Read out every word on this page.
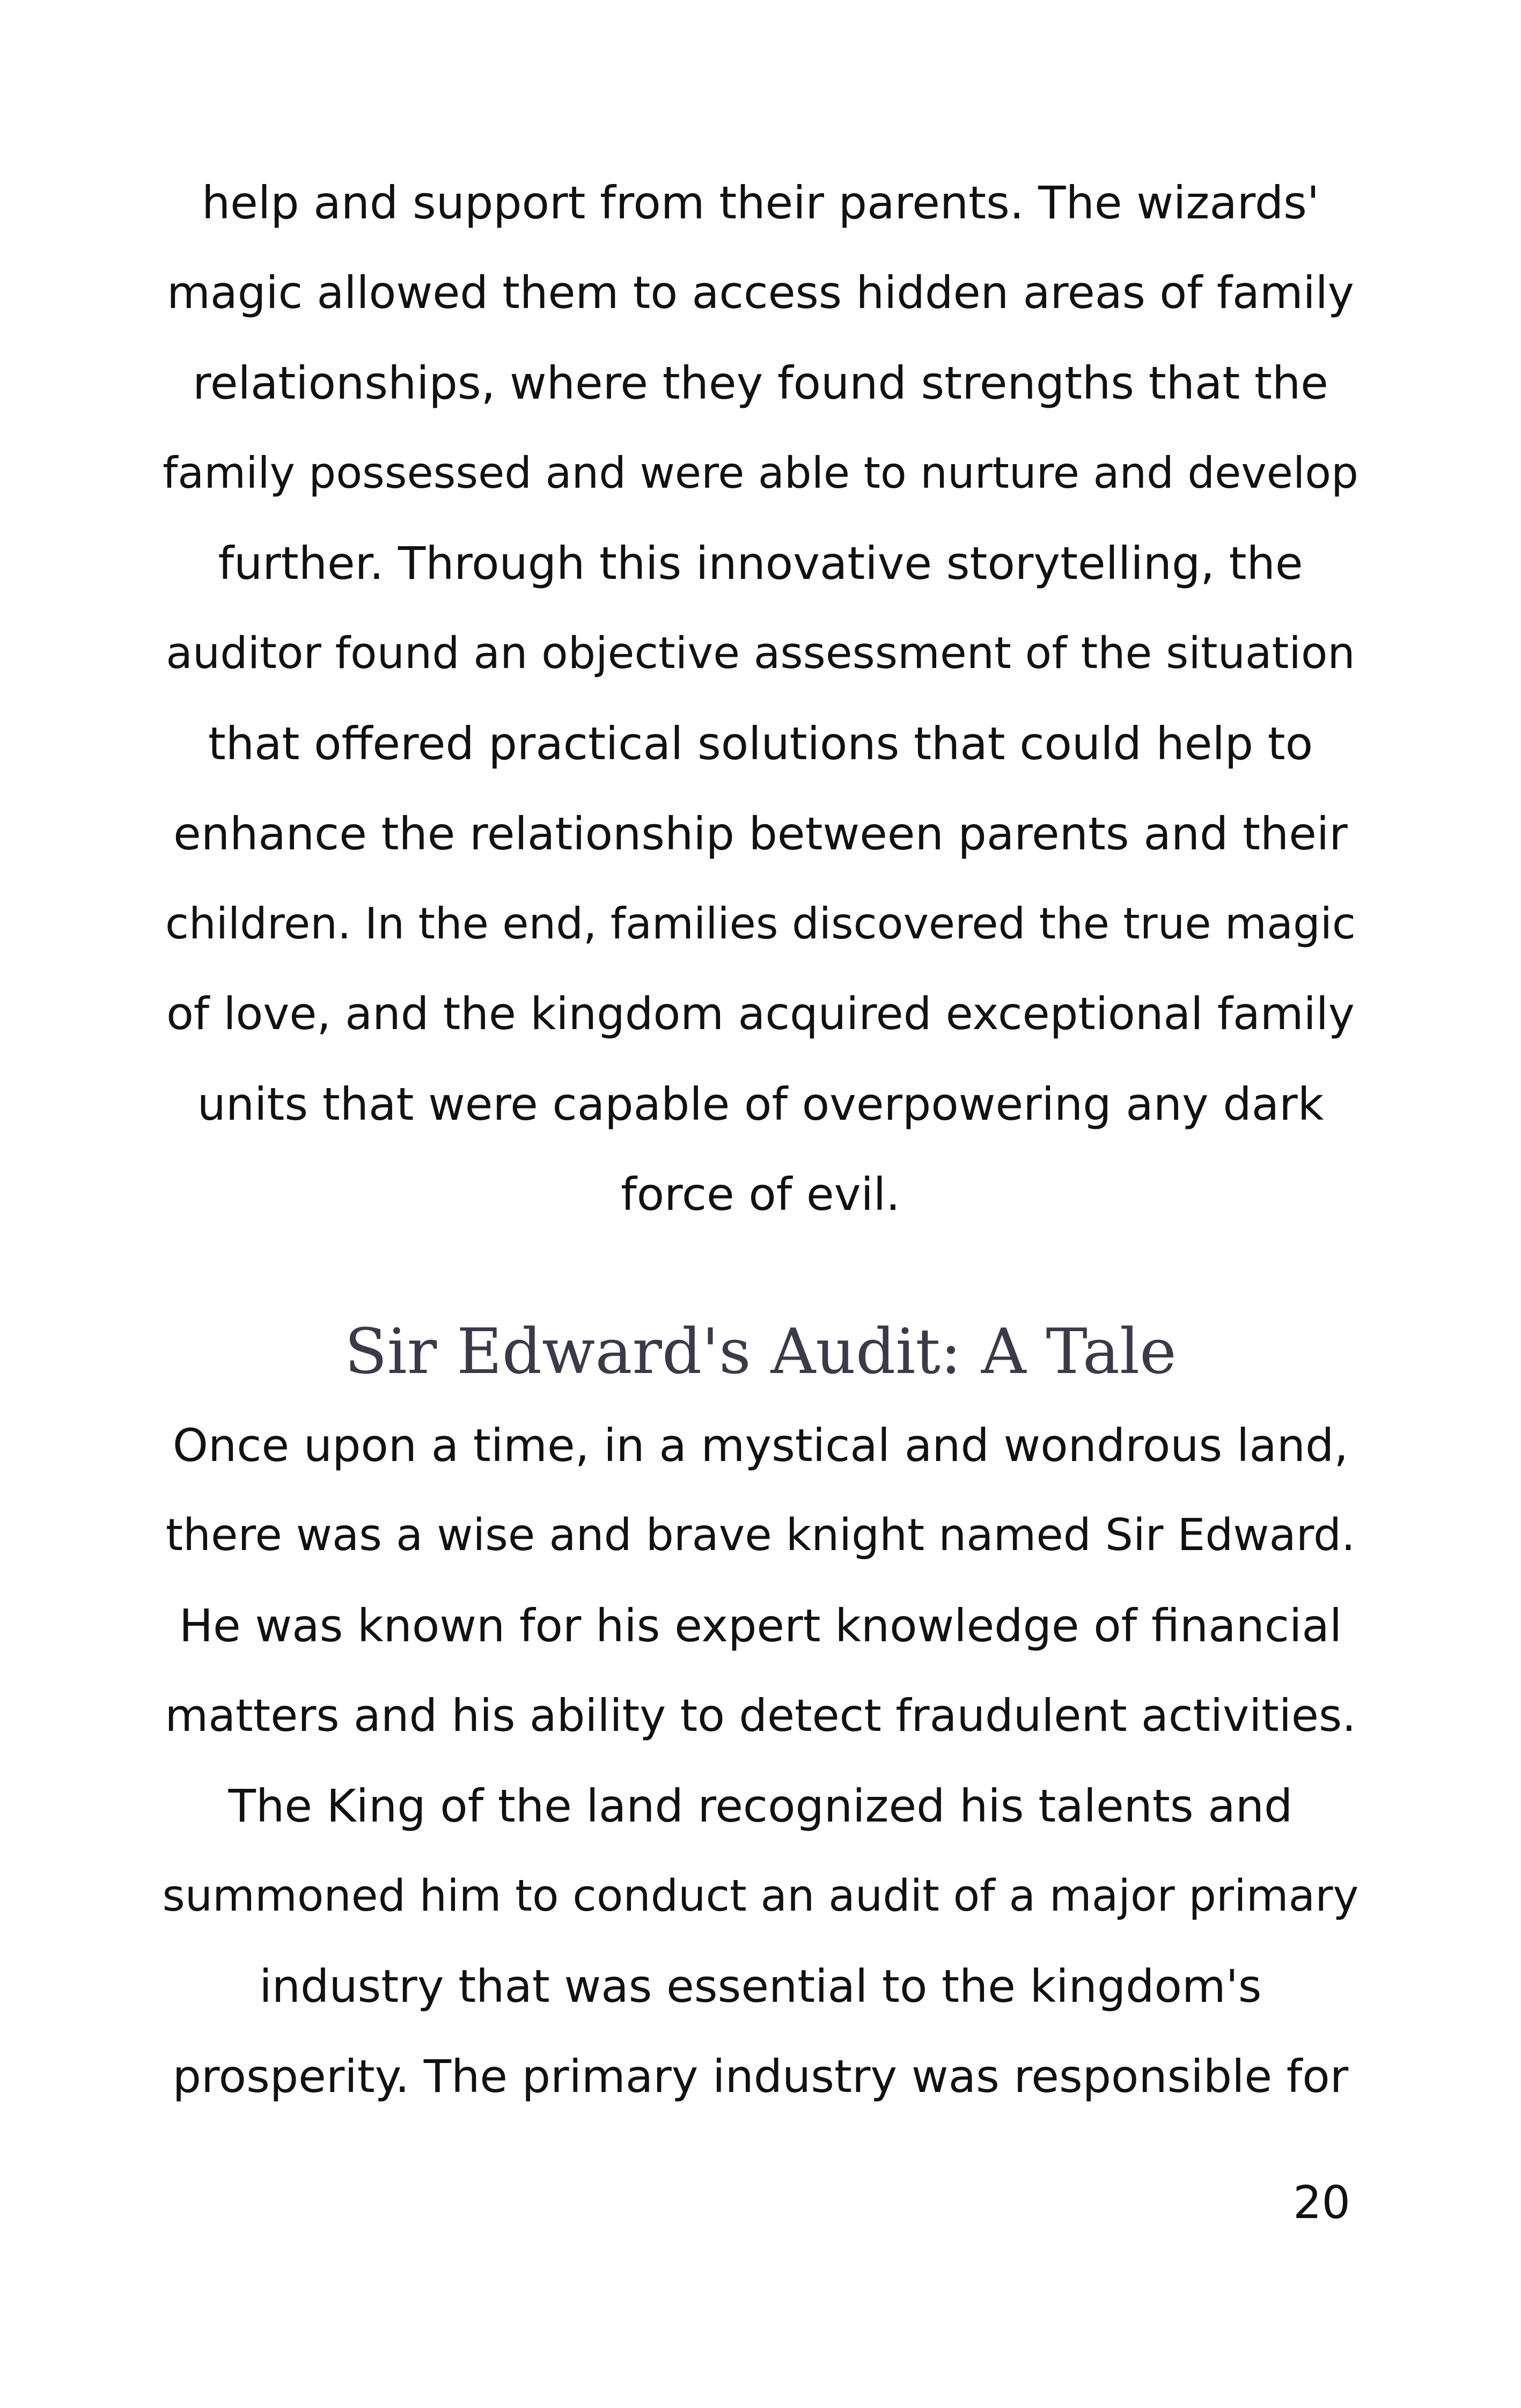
help and support from their parents. The wizards'

magic allowed them to access hidden areas of family

relationships, where they found strengths that the

family possessed and were able to nurture and develop

further. Through this innovative storytelling, the

auditor found an objective assessment of the situation

that offered practical solutions that could help to

enhance the relationship between parents and their

children. In the end, families discovered the true magic

of love, and the kingdom acquired exceptional family

units that were capable of overpowering any dark

force of evil.

Sir Edward's Audit: A Tale

Once upon a time, in a mystical and wondrous land,

there was a wise and brave knight named Sir Edward.

He was known for his expert knowledge of financial

matters and his ability to detect fraudulent activities.

The King of the land recognized his talents and

summoned him to conduct an audit of a major primary

industry that was essential to the kingdom's

prosperity. The primary industry was responsible for

20
